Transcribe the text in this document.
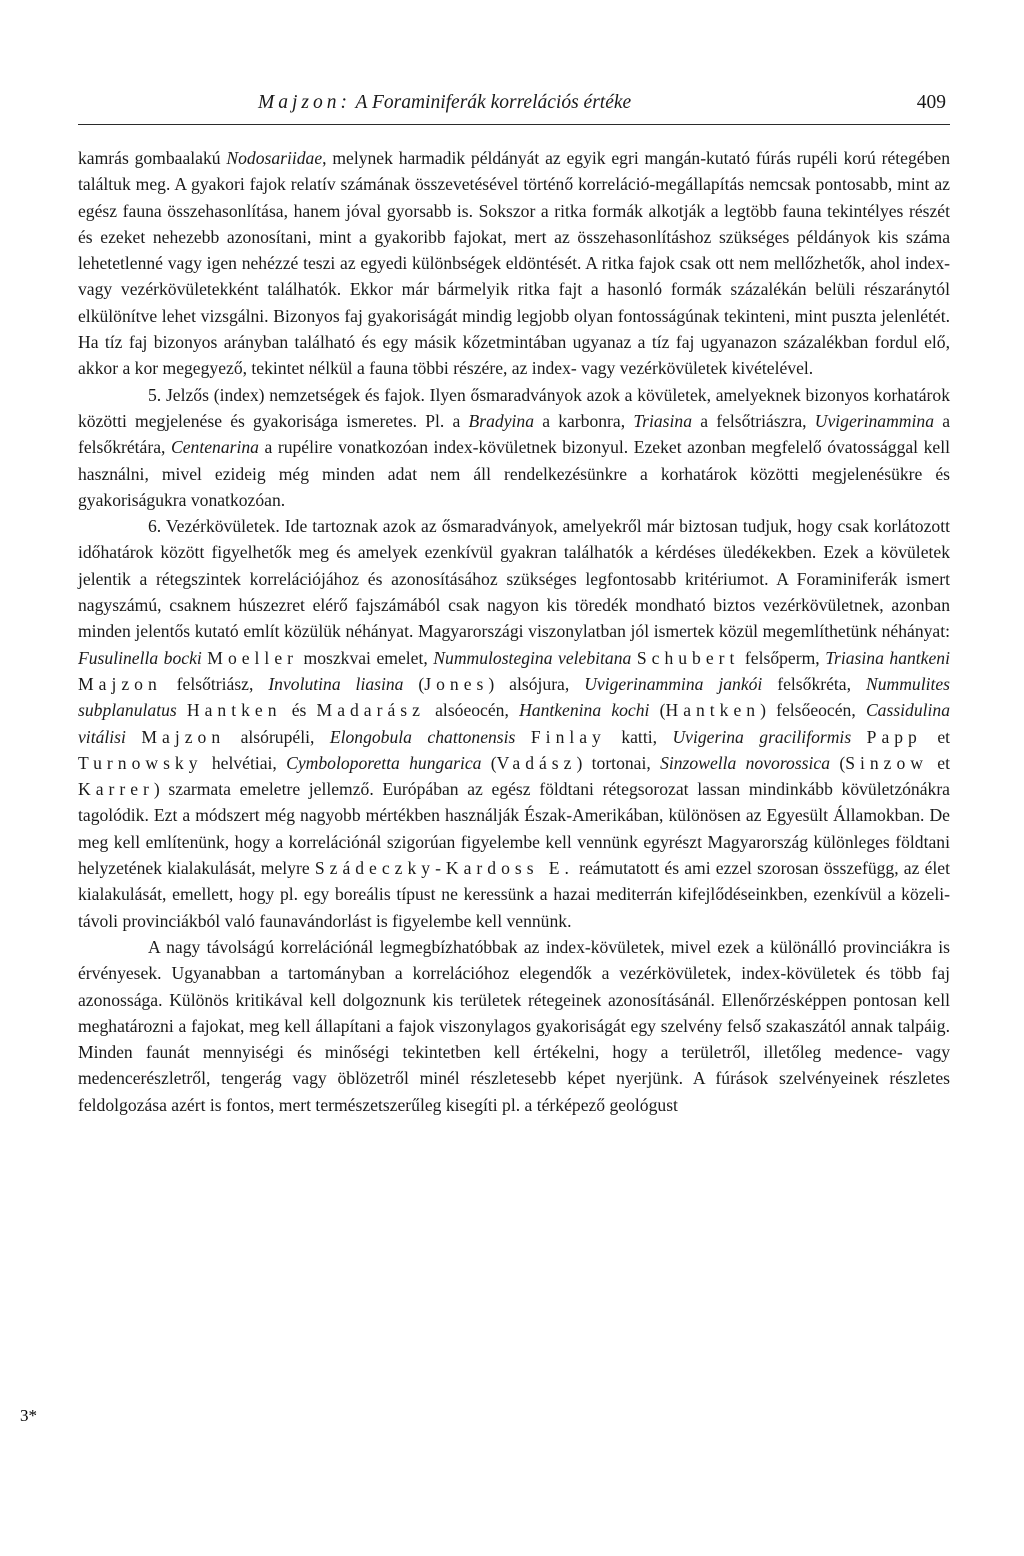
Majzon: A Foraminiferák korrelációs értéke	409

kamrás gombaalakú Nodosariidae, melynek harmadik példányát az egyik egri mangán-kutató fúrás rupéli korú rétegében találtuk meg. A gyakori fajok relatív számának összevetésével történő korreláció-megállapítás nemcsak pontosabb, mint az egész fauna összehasonlítása, hanem jóval gyorsabb is. Sokszor a ritka formák alkotják a legtöbb fauna tekintélyes részét és ezeket nehezebb azonosítani, mint a gyakoribb fajokat, mert az összehasonlításhoz szükséges példányok kis száma lehetetlenné vagy igen nehézzé teszi az egyedi különbségek eldöntését. A ritka fajok csak ott nem mellőzhetők, ahol index- vagy vezérkövületekként találhatók. Ekkor már bármelyik ritka fajt a hasonló formák százalékán belüli részaránytól elkülönítve lehet vizsgálni. Bizonyos faj gyakoriságát mindig legjobb olyan fontosságúnak tekinteni, mint puszta jelenlétét. Ha tíz faj bizonyos arányban található és egy másik kőzetmintában ugyanaz a tíz faj ugyanazon százalékban fordul elő, akkor a kor megegyező, tekintet nélkül a fauna többi részére, az index- vagy vezérkövületek kivételével.

5. Jelzős (index) nemzetségek és fajok. Ilyen ősmaradványok azok a kövületek, amelyeknek bizonyos korhatárok közötti megjelenése és gyakorisága ismeretes. Pl. a Bradyina a karbonra, Triasina a felsőtriászra, Uvigerinammina a felsőkrétára, Centenarina a rupélire vonatkozóan index-kövületnek bizonyul. Ezeket azonban megfelelő óvatossággal kell használni, mivel ezideig még minden adat nem áll rendelkezésünkre a korhatárok közötti megjelenésükre és gyakoriságukra vonatkozóan.

6. Vezérkövületek. Ide tartoznak azok az ősmaradványok, amelyekről már biztosan tudjuk, hogy csak korlátozott időhatárok között figyelhetők meg és amelyek ezenkívül gyakran találhatók a kérdéses üledékekben. Ezek a kövületek jelentik a rétegszintek korrelációjához és azonosításához szükséges legfontosabb kritériumot. A Foraminiferák ismert nagyszámú, csaknem húszezret elérő fajszámából csak nagyon kis töredék mondható biztos vezérkövületnek, azonban minden jelentős kutató említ közülük néhányat. Magyarországi viszonylatban jól ismertek közül megemlíthetünk néhányat: Fusulinella bocki Moeller moszkvai emelet, Nummulostegina velebitana Schubert felsőperm, Triasina hantkeni Majzon felsőtriász, Involutina liasina (Jones) alsójura, Uvigerinammina jankói felsőkréta, Nummulites subplanulatus Hantken és Madarász alsóeocén, Hantkenina kochi (Hantken) felsőeocén, Cassidulina vitálisi Majzon alsórupéli, Elongobula chattonensis Finlay katti, Uvigerina graciliformis Papp et Turnowsky helvétiai, Cymboloporetta hungarica (Vadász) tortonai, Sinzowella novorossica (Sinzow et Karrer) szarmata emeletre jellemző. Európában az egész földtani rétegsorozat lassan mindinkább kövületzónákra tagolódik. Ezt a módszert még nagyobb mértékben használják Észak-Amerikában, különösen az Egyesült Államokban. De meg kell említenünk, hogy a korrelációnál szigorúan figyelembe kell vennünk egyrészt Magyarország különleges földtani helyzetének kialakulását, melyre Szádeczky-Kardoss E. reámutatott és ami ezzel szorosan összefügg, az élet kialakulását, emellett, hogy pl. egy boreális típust ne keressünk a hazai mediterrán kifejlődéseinkben, ezenkívül a közeli-távoli provinciákból való faunavándorlást is figyelembe kell vennünk.

A nagy távolságú korrelációnál legmegbízhatóbbak az index-kövületek, mivel ezek a különálló provinciákra is érvényesek. Ugyanabban a tartományban a korrelációhoz elegendők a vezérkövületek, index-kövületek és több faj azonossága. Különös kritikával kell dolgoznunk kis területek rétegeinek azonosításánál. Ellenőrzésképpen pontosan kell meghatározni a fajokat, meg kell állapítani a fajok viszonylagos gyakoriságát egy szelvény felső szakaszától annak talpáig. Minden faunát mennyiségi és minőségi tekintetben kell értékelni, hogy a területről, illetőleg medence- vagy medencerészletről, tengerág vagy öblözetről minél részletesebb képet nyerjünk. A fúrások szelvényeinek részletes feldolgozása azért is fontos, mert természetszerűleg kisegíti pl. a térképező geológust

3*
